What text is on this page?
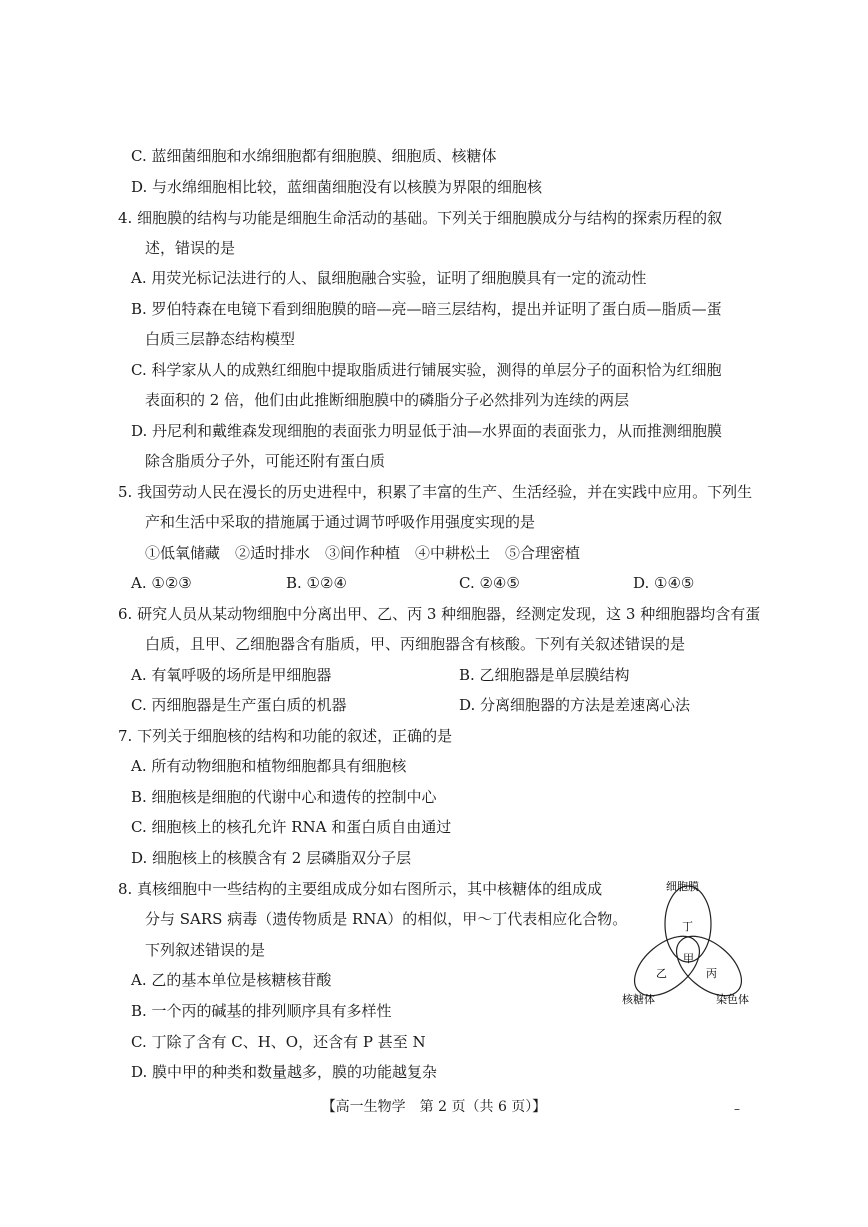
C. 蓝细菌细胞和水绵细胞都有细胞膜、细胞质、核糖体
D. 与水绵细胞相比较，蓝细菌细胞没有以核膜为界限的细胞核
4. 细胞膜的结构与功能是细胞生命活动的基础。下列关于细胞膜成分与结构的探索历程的叙
述，错误的是
A. 用荧光标记法进行的人、鼠细胞融合实验，证明了细胞膜具有一定的流动性
B. 罗伯特森在电镜下看到细胞膜的暗—亮—暗三层结构，提出并证明了蛋白质—脂质—蛋
白质三层静态结构模型
C. 科学家从人的成熟红细胞中提取脂质进行铺展实验，测得的单层分子的面积恰为红细胞
表面积的 2 倍，他们由此推断细胞膜中的磷脂分子必然排列为连续的两层
D. 丹尼利和戴维森发现细胞的表面张力明显低于油—水界面的表面张力，从而推测细胞膜
除含脂质分子外，可能还附有蛋白质
5. 我国劳动人民在漫长的历史进程中，积累了丰富的生产、生活经验，并在实践中应用。下列生
产和生活中采取的措施属于通过调节呼吸作用强度实现的是
①低氧储藏　②适时排水　③间作种植　④中耕松土　⑤合理密植
A. ①②③	B. ①②④	C. ②④⑤	D. ①④⑤
6. 研究人员从某动物细胞中分离出甲、乙、丙 3 种细胞器，经测定发现，这 3 种细胞器均含有蛋
白质，且甲、乙细胞器含有脂质，甲、丙细胞器含有核酸。下列有关叙述错误的是
A. 有氧呼吸的场所是甲细胞器	B. 乙细胞器是单层膜结构
C. 丙细胞器是生产蛋白质的机器	D. 分离细胞器的方法是差速离心法
7. 下列关于细胞核的结构和功能的叙述，正确的是
A. 所有动物细胞和植物细胞都具有细胞核
B. 细胞核是细胞的代谢中心和遗传的控制中心
C. 细胞核上的核孔允许 RNA 和蛋白质自由通过
D. 细胞核上的核膜含有 2 层磷脂双分子层
8. 真核细胞中一些结构的主要组成成分如右图所示，其中核糖体的组成成
分与 SARS 病毒（遗传物质是 RNA）的相似，甲～丁代表相应化合物。
下列叙述错误的是
A. 乙的基本单位是核糖核苷酸
B. 一个丙的碱基的排列顺序具有多样性
C. 丁除了含有 C、H、O，还含有 P 甚至 N
D. 膜中甲的种类和数量越多，膜的功能越复杂
细胞膜
核糖体	染色体
丁
甲
乙	丙
【高一生物学　第 2 页（共 6 页）】	–
